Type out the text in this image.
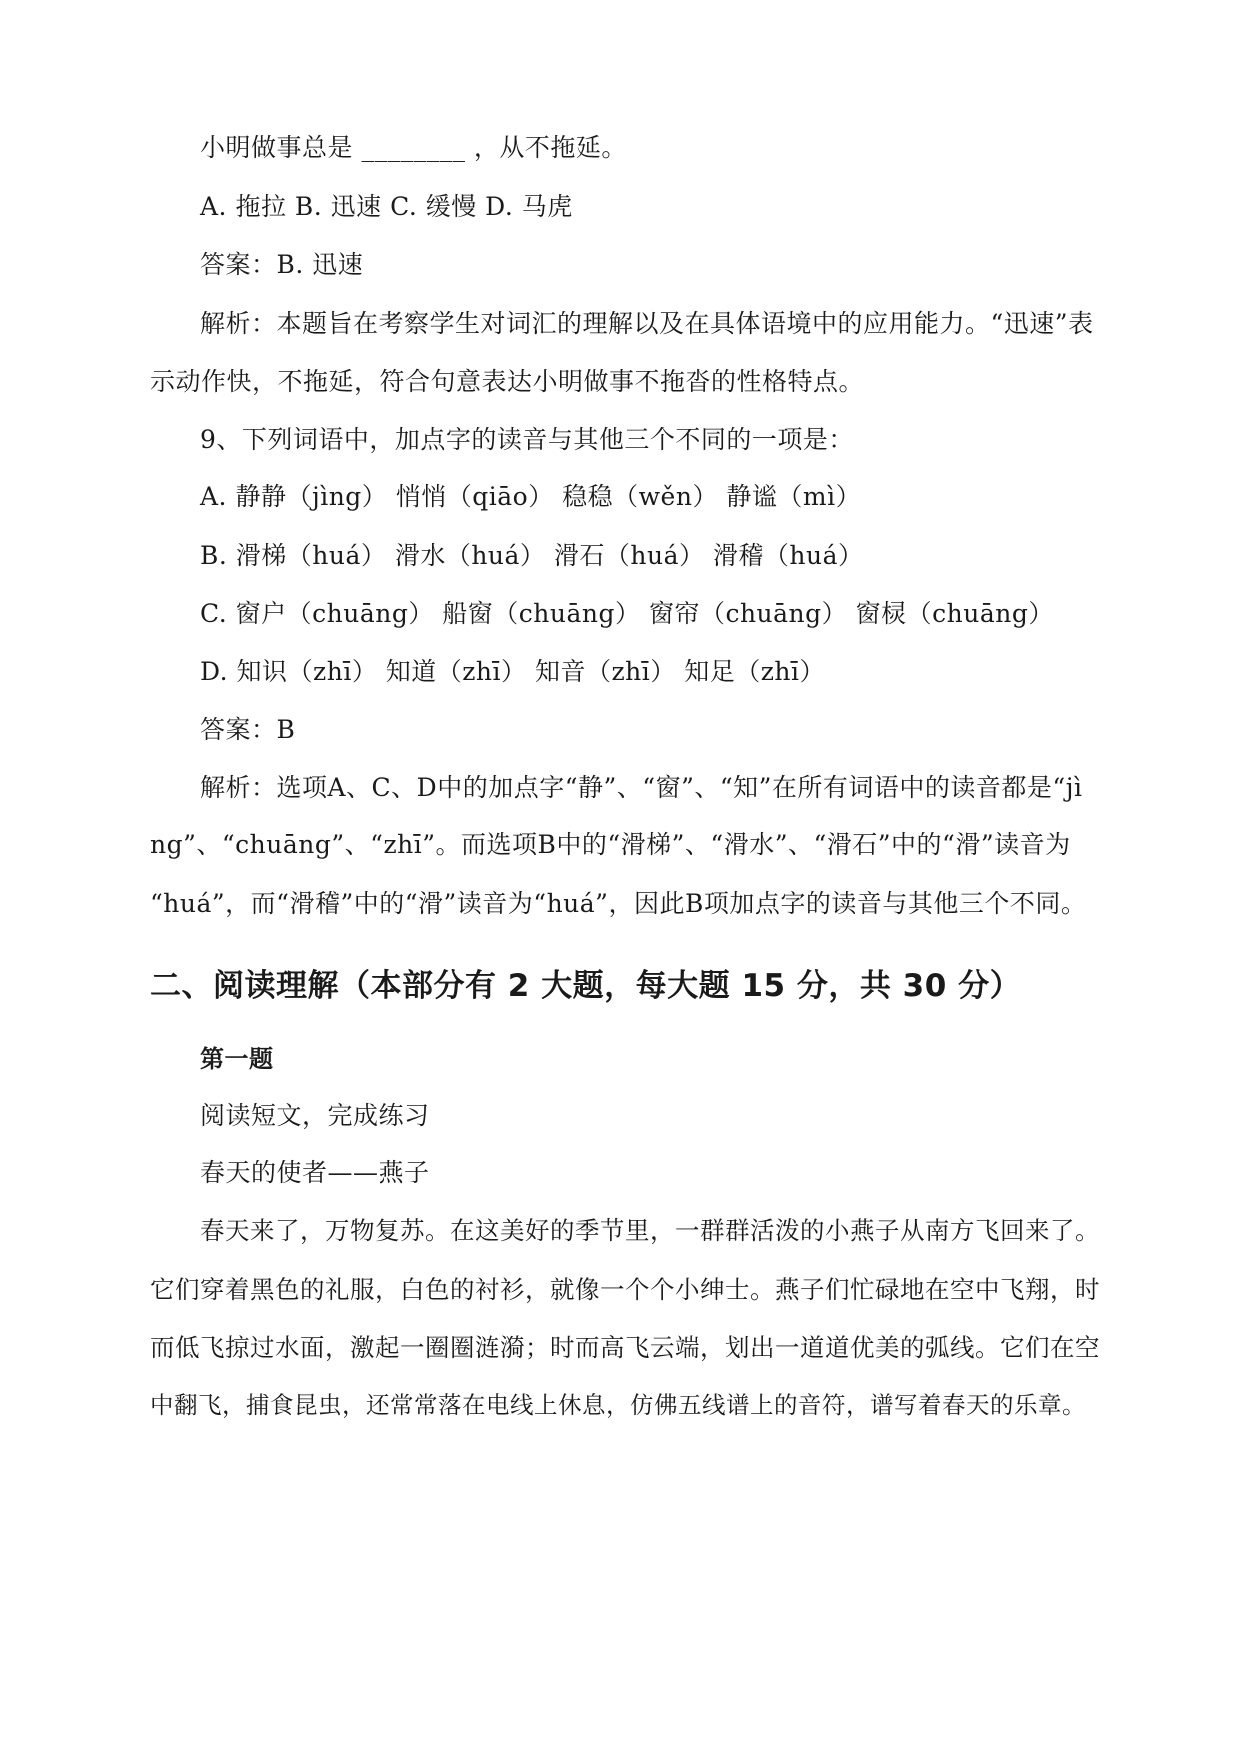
小明做事总是 ________ ，从不拖延。
A. 拖拉 B. 迅速 C. 缓慢 D. 马虎
答案：B. 迅速
解析：本题旨在考察学生对词汇的理解以及在具体语境中的应用能力。“迅速”表
示动作快，不拖延，符合句意表达小明做事不拖沓的性格特点。
9、下列词语中，加点字的读音与其他三个不同的一项是：
A. 静静（jìng） 悄悄（qiāo） 稳稳（wěn） 静谧（mì）
B. 滑梯（huá） 滑水（huá） 滑石（huá） 滑稽（huá）
C. 窗户（chuāng） 船窗（chuāng） 窗帘（chuāng） 窗棂（chuāng）
D. 知识（zhī） 知道（zhī） 知音（zhī） 知足（zhī）
答案：B
解析：选项A、C、D中的加点字“静”、“窗”、“知”在所有词语中的读音都是“jì
ng”、“chuāng”、“zhī”。而选项B中的“滑梯”、“滑水”、“滑石”中的“滑”读音为
“huá”，而“滑稽”中的“滑”读音为“huá”，因此B项加点字的读音与其他三个不同。
二、阅读理解（本部分有 2 大题，每大题 15 分，共 30 分）
第一题
阅读短文，完成练习
春天的使者——燕子
春天来了，万物复苏。在这美好的季节里，一群群活泼的小燕子从南方飞回来了。
它们穿着黑色的礼服，白色的衬衫，就像一个个小绅士。燕子们忙碌地在空中飞翔，时
而低飞掠过水面，激起一圈圈涟漪；时而高飞云端，划出一道道优美的弧线。它们在空
中翻飞，捕食昆虫，还常常落在电线上休息，仿佛五线谱上的音符，谱写着春天的乐章。
